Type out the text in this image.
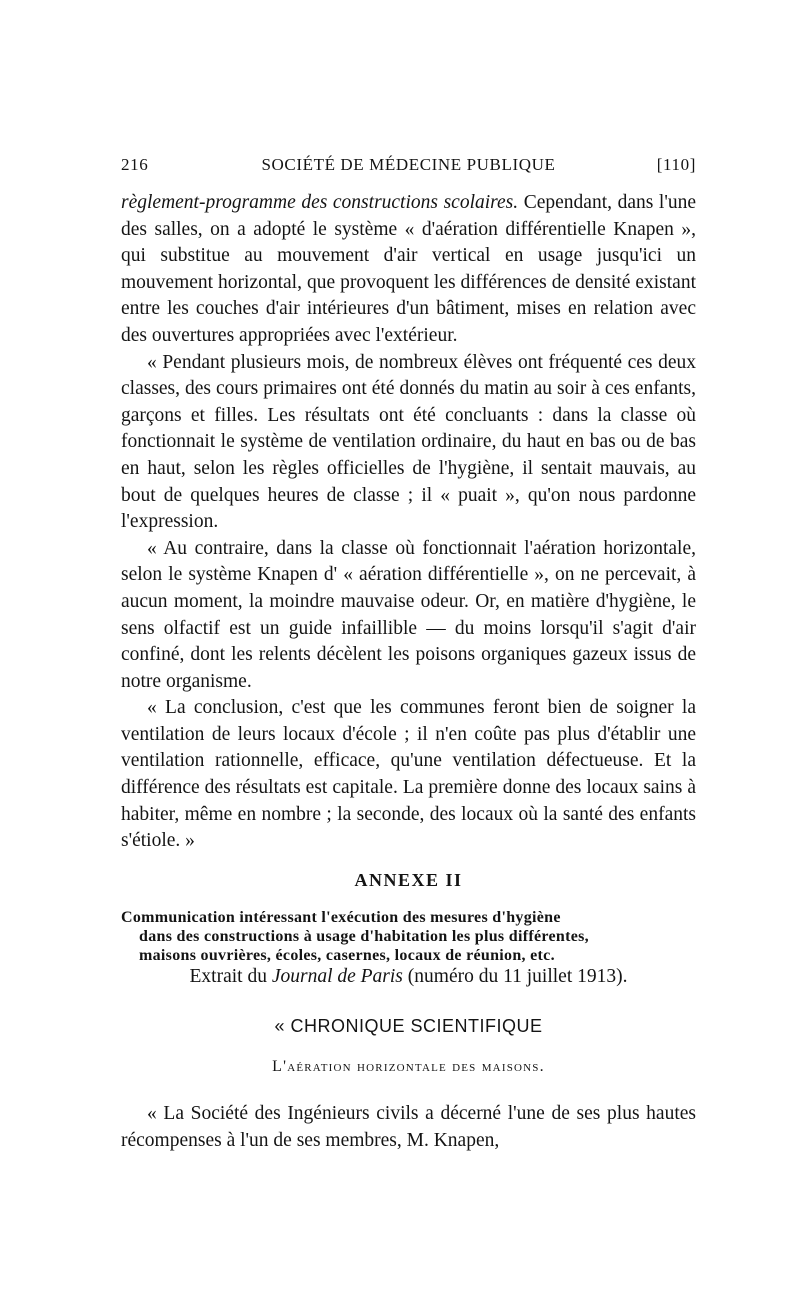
216	SOCIÉTÉ DE MÉDECINE PUBLIQUE	[110]

règlement-programme des constructions scolaires. Cependant, dans l'une des salles, on a adopté le système « d'aération différentielle Knapen », qui substitue au mouvement d'air vertical en usage jusqu'ici un mouvement horizontal, que provoquent les différences de densité existant entre les couches d'air intérieures d'un bâtiment, mises en relation avec des ouvertures appropriées avec l'extérieur.

« Pendant plusieurs mois, de nombreux élèves ont fréquenté ces deux classes, des cours primaires ont été donnés du matin au soir à ces enfants, garçons et filles. Les résultats ont été concluants : dans la classe où fonctionnait le système de ventilation ordinaire, du haut en bas ou de bas en haut, selon les règles officielles de l'hygiène, il sentait mauvais, au bout de quelques heures de classe ; il « puait », qu'on nous pardonne l'expression.

« Au contraire, dans la classe où fonctionnait l'aération horizontale, selon le système Knapen d' « aération différentielle », on ne percevait, à aucun moment, la moindre mauvaise odeur. Or, en matière d'hygiène, le sens olfactif est un guide infaillible — du moins lorsqu'il s'agit d'air confiné, dont les relents décèlent les poisons organiques gazeux issus de notre organisme.

« La conclusion, c'est que les communes feront bien de soigner la ventilation de leurs locaux d'école ; il n'en coûte pas plus d'établir une ventilation rationnelle, efficace, qu'une ventilation défectueuse. Et la différence des résultats est capitale. La première donne des locaux sains à habiter, même en nombre ; la seconde, des locaux où la santé des enfants s'étiole. »

ANNEXE II
Communication intéressant l'exécution des mesures d'hygiène
dans des constructions à usage d'habitation les plus différentes,
maisons ouvrières, écoles, casernes, locaux de réunion, etc.
Extrait du Journal de Paris (numéro du 11 juillet 1913).
« CHRONIQUE SCIENTIFIQUE
L'aération horizontale des maisons.

« La Société des Ingénieurs civils a décerné l'une de ses plus hautes récompenses à l'un de ses membres, M. Knapen,
